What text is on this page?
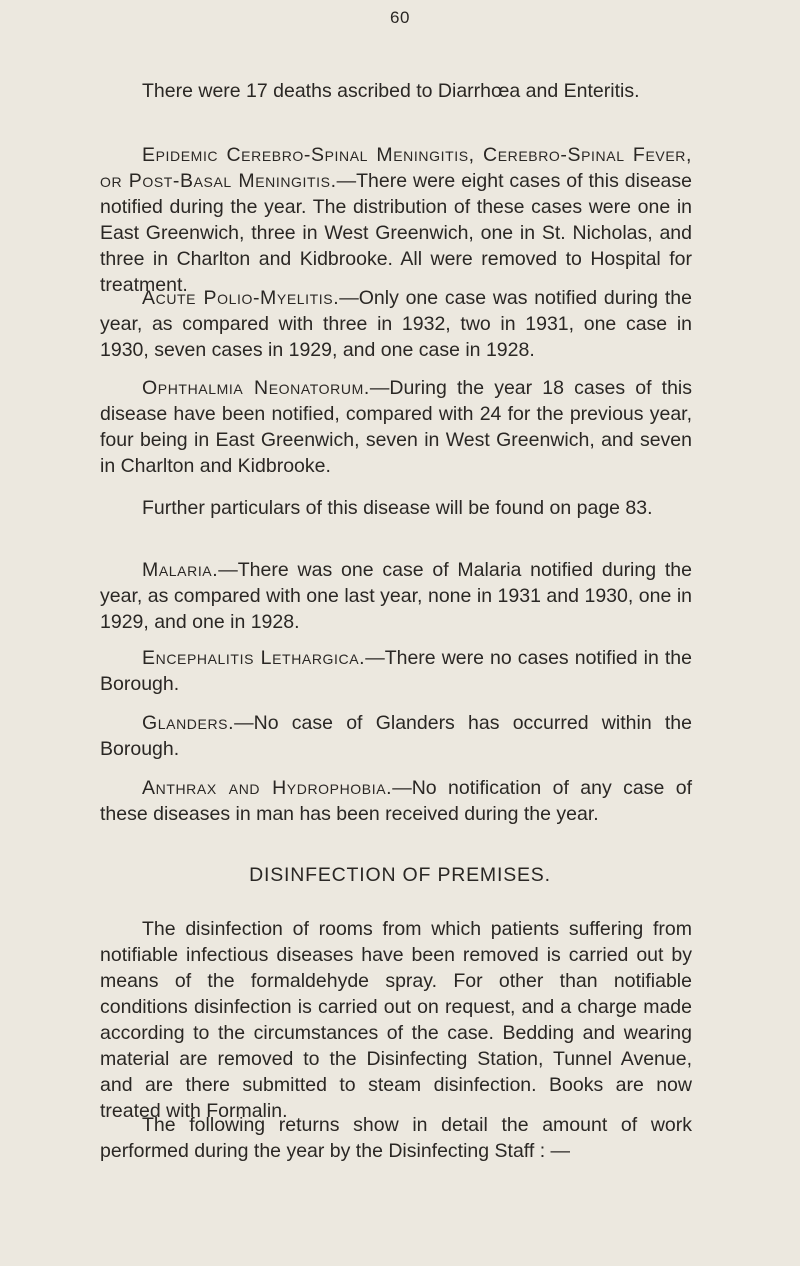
60

There were 17 deaths ascribed to Diarrhœa and Enteritis.

Epidemic Cerebro-Spinal Meningitis, Cerebro-Spinal Fever, or Post-Basal Meningitis.—There were eight cases of this disease notified during the year. The distribution of these cases were one in East Greenwich, three in West Greenwich, one in St. Nicholas, and three in Charlton and Kidbrooke. All were removed to Hospital for treatment.

Acute Polio-Myelitis.—Only one case was notified during the year, as compared with three in 1932, two in 1931, one case in 1930, seven cases in 1929, and one case in 1928.

Ophthalmia Neonatorum.—During the year 18 cases of this disease have been notified, compared with 24 for the previous year, four being in East Greenwich, seven in West Greenwich, and seven in Charlton and Kidbrooke.

Further particulars of this disease will be found on page 83.

Malaria.—There was one case of Malaria notified during the year, as compared with one last year, none in 1931 and 1930, one in 1929, and one in 1928.

Encephalitis Lethargica.—There were no cases notified in the Borough.

Glanders.—No case of Glanders has occurred within the Borough.

Anthrax and Hydrophobia.—No notification of any case of these diseases in man has been received during the year.

DISINFECTION OF PREMISES.

The disinfection of rooms from which patients suffering from notifiable infectious diseases have been removed is carried out by means of the formaldehyde spray. For other than notifiable conditions disinfection is carried out on request, and a charge made according to the circumstances of the case. Bedding and wearing material are removed to the Disinfecting Station, Tunnel Avenue, and are there submitted to steam disinfection. Books are now treated with Formalin.

The following returns show in detail the amount of work performed during the year by the Disinfecting Staff : —
